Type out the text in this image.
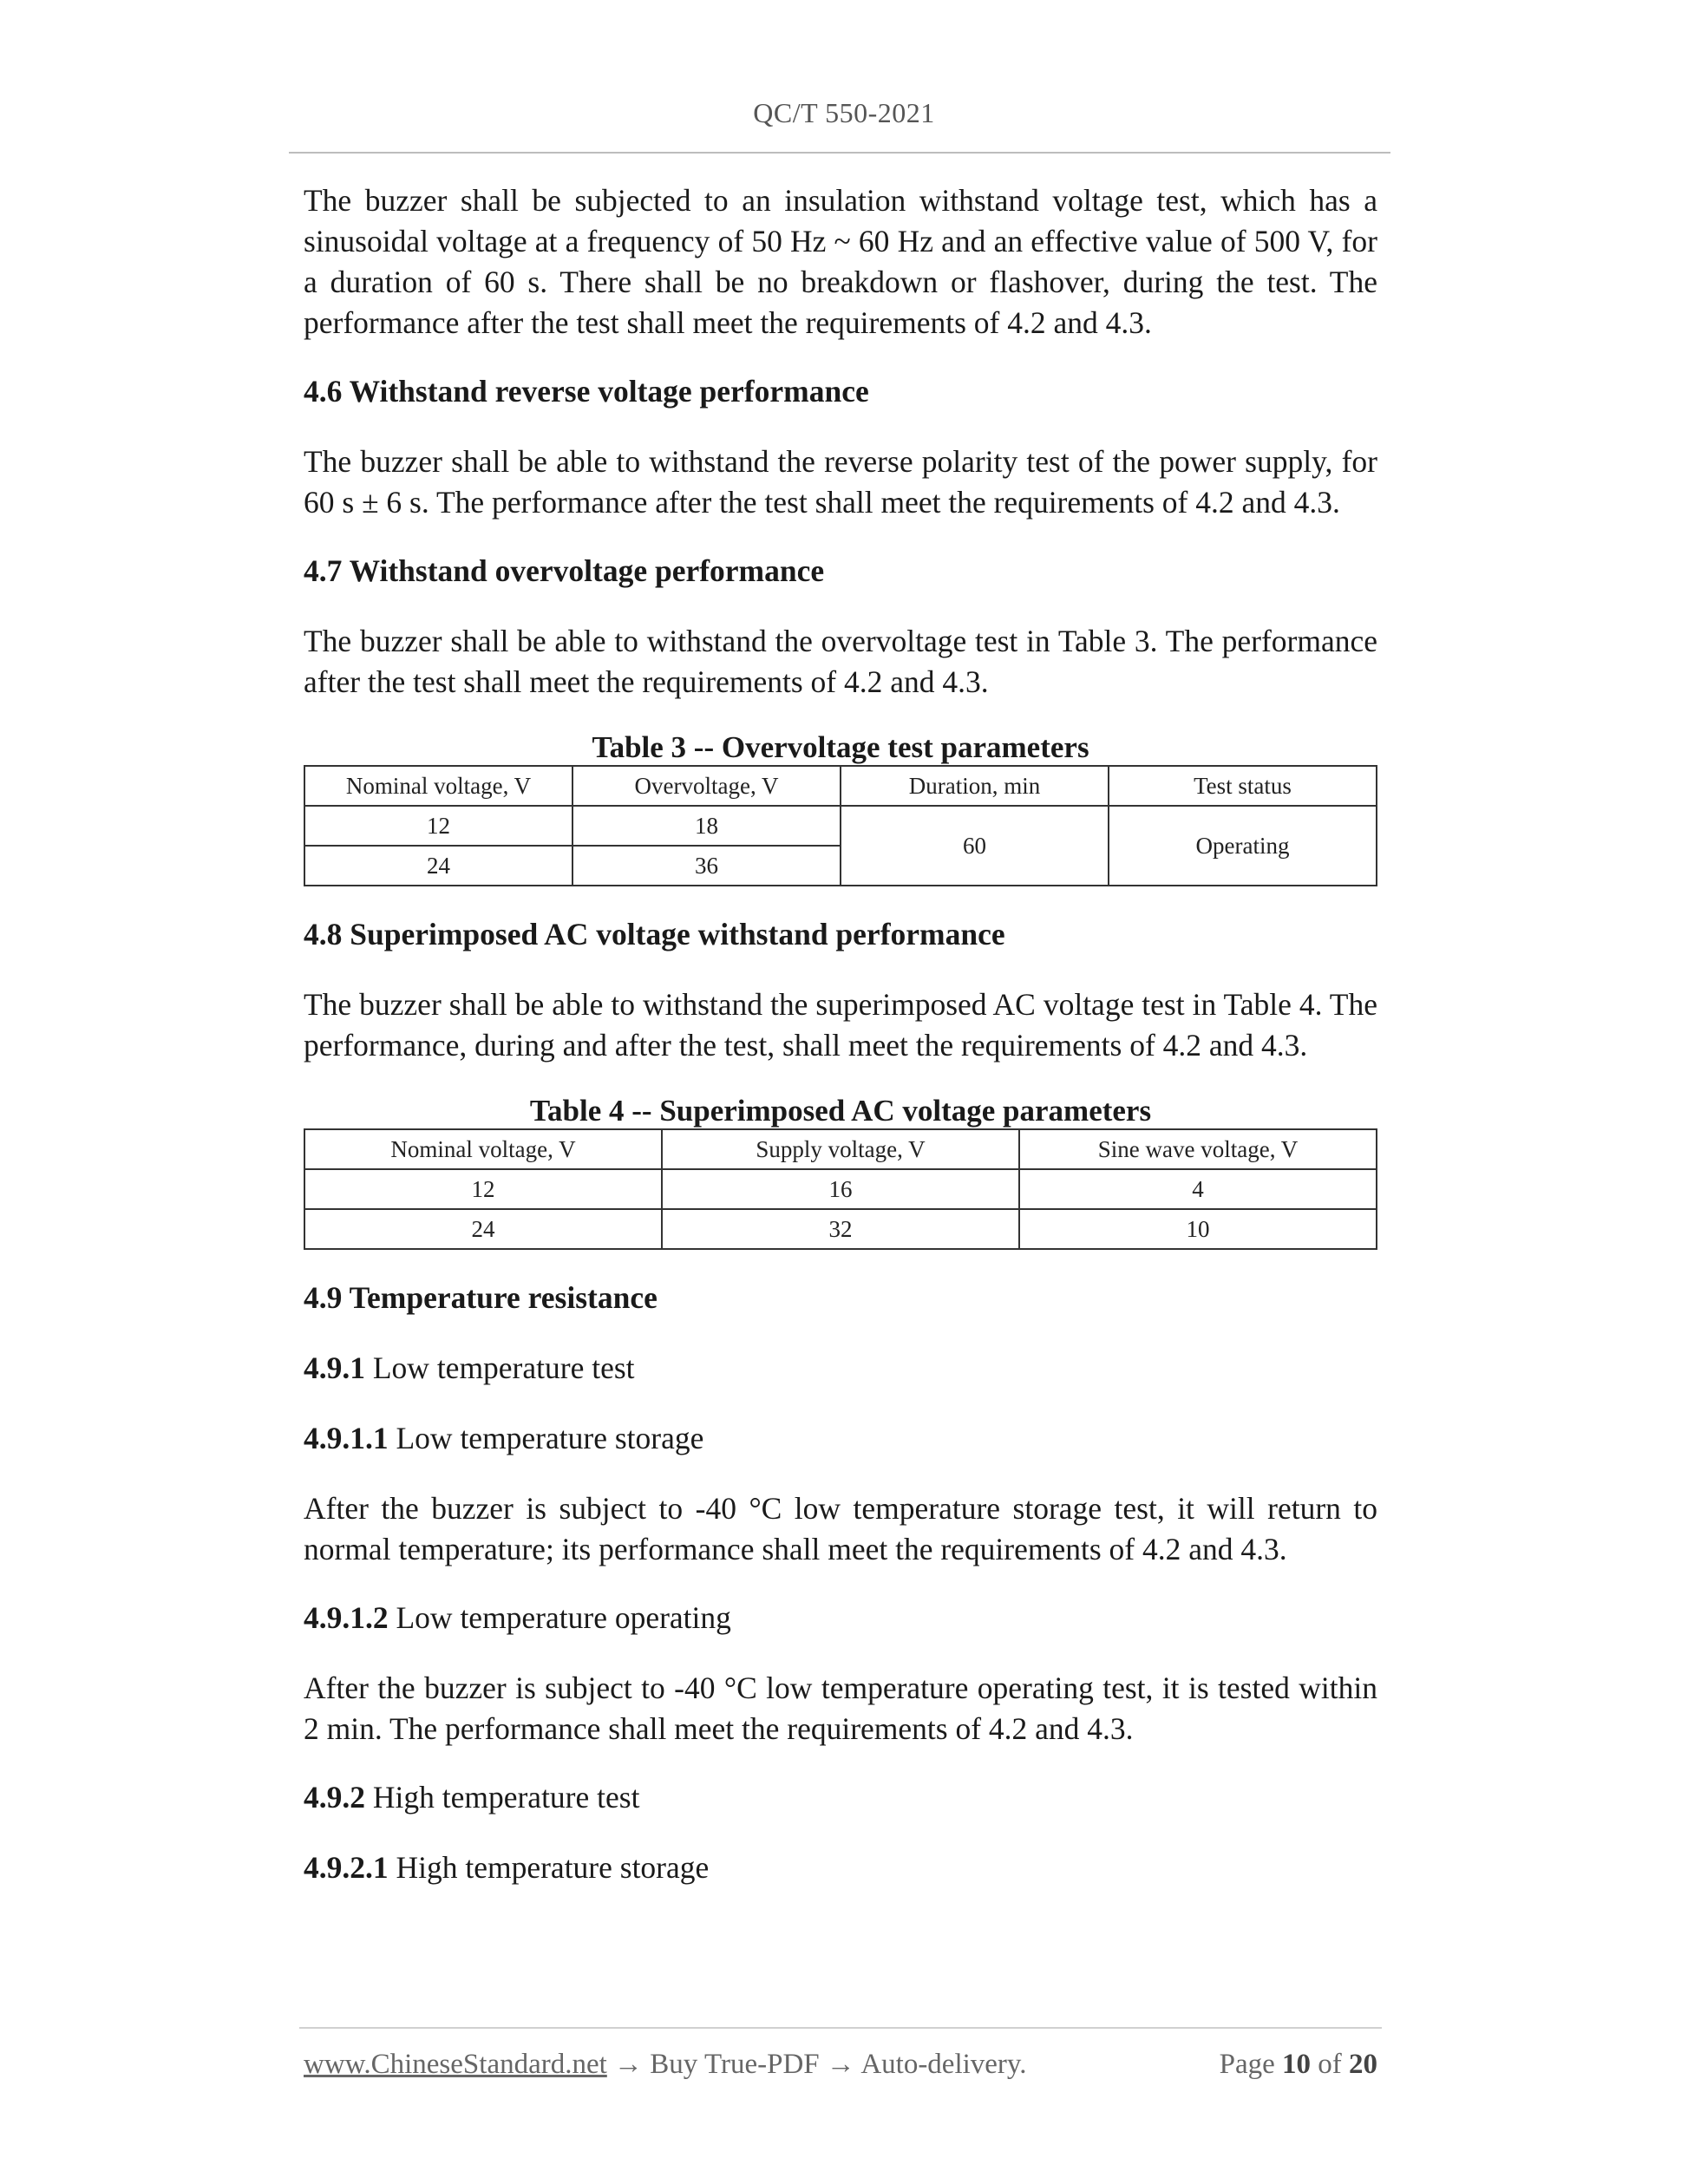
QC/T 550-2021

The buzzer shall be subjected to an insulation withstand voltage test, which has a sinusoidal voltage at a frequency of 50 Hz ~ 60 Hz and an effective value of 500 V, for a duration of 60 s. There shall be no breakdown or flashover, during the test. The performance after the test shall meet the requirements of 4.2 and 4.3.

4.6 Withstand reverse voltage performance

The buzzer shall be able to withstand the reverse polarity test of the power supply, for 60 s ± 6 s. The performance after the test shall meet the requirements of 4.2 and 4.3.

4.7 Withstand overvoltage performance

The buzzer shall be able to withstand the overvoltage test in Table 3. The performance after the test shall meet the requirements of 4.2 and 4.3.

Table 3 -- Overvoltage test parameters

Nominal voltage, V	Overvoltage, V	Duration, min	Test status
12	18	60	Operating
24	36		
4.8 Superimposed AC voltage withstand performance

The buzzer shall be able to withstand the superimposed AC voltage test in Table 4. The performance, during and after the test, shall meet the requirements of 4.2 and 4.3.

Table 4 -- Superimposed AC voltage parameters

Nominal voltage, V	Supply voltage, V	Sine wave voltage, V
12	16	4
24	32	10
4.9 Temperature resistance

4.9.1 Low temperature test

4.9.1.1 Low temperature storage

After the buzzer is subject to -40 °C low temperature storage test, it will return to normal temperature; its performance shall meet the requirements of 4.2 and 4.3.

4.9.1.2 Low temperature operating

After the buzzer is subject to -40 °C low temperature operating test, it is tested within 2 min. The performance shall meet the requirements of 4.2 and 4.3.

4.9.2 High temperature test

4.9.2.1 High temperature storage

www.ChineseStandard.net → Buy True-PDF → Auto-delivery.	Page 10 of 20
